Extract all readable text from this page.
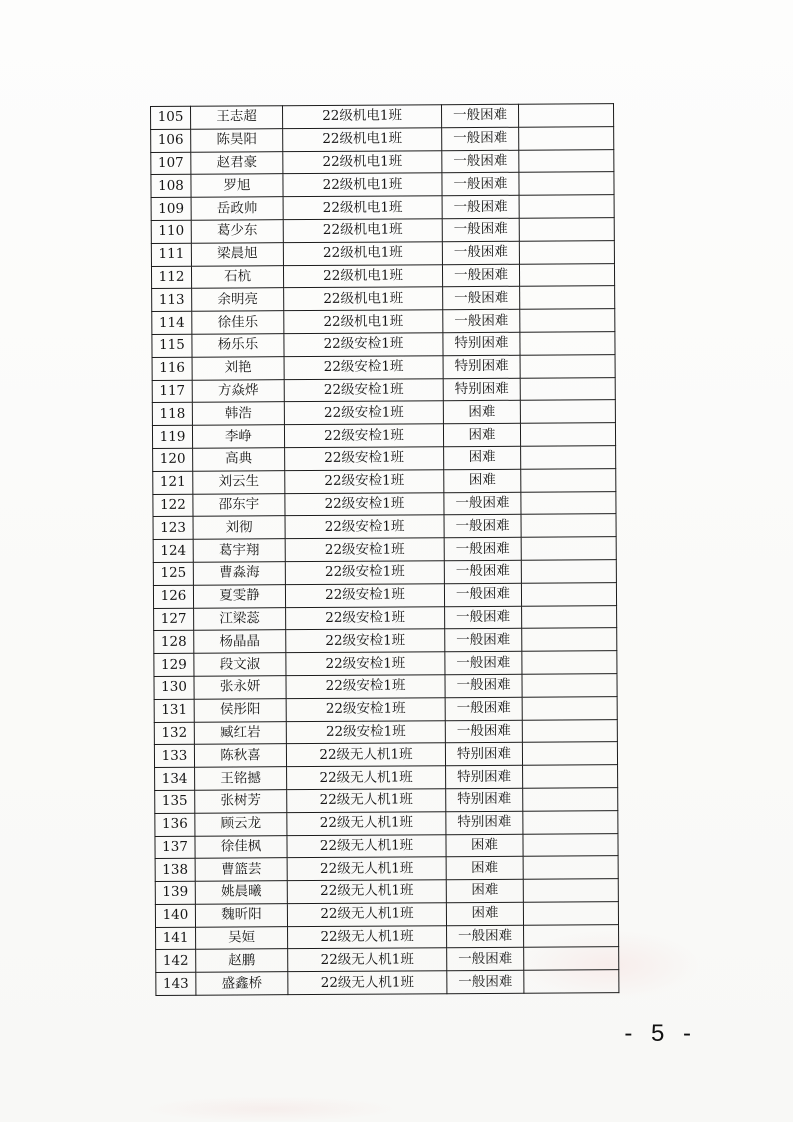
105	王志超	22级机电1班	一般困难	
106	陈昊阳	22级机电1班	一般困难	
107	赵君豪	22级机电1班	一般困难	
108	罗旭	22级机电1班	一般困难	
109	岳政帅	22级机电1班	一般困难	
110	葛少东	22级机电1班	一般困难	
111	梁晨旭	22级机电1班	一般困难	
112	石杭	22级机电1班	一般困难	
113	余明亮	22级机电1班	一般困难	
114	徐佳乐	22级机电1班	一般困难	
115	杨乐乐	22级安检1班	特别困难	
116	刘艳	22级安检1班	特别困难	
117	方焱烨	22级安检1班	特别困难	
118	韩浩	22级安检1班	困难	
119	李峥	22级安检1班	困难	
120	高典	22级安检1班	困难	
121	刘云生	22级安检1班	困难	
122	邵东宇	22级安检1班	一般困难	
123	刘彻	22级安检1班	一般困难	
124	葛宇翔	22级安检1班	一般困难	
125	曹淼海	22级安检1班	一般困难	
126	夏雯静	22级安检1班	一般困难	
127	江梁蕊	22级安检1班	一般困难	
128	杨晶晶	22级安检1班	一般困难	
129	段文淑	22级安检1班	一般困难	
130	张永妍	22级安检1班	一般困难	
131	侯彤阳	22级安检1班	一般困难	
132	臧红岩	22级安检1班	一般困难	
133	陈秋喜	22级无人机1班	特别困难	
134	王铭撼	22级无人机1班	特别困难	
135	张树芳	22级无人机1班	特别困难	
136	顾云龙	22级无人机1班	特别困难	
137	徐佳枫	22级无人机1班	困难	
138	曹篮芸	22级无人机1班	困难	
139	姚晨曦	22级无人机1班	困难	
140	魏昕阳	22级无人机1班	困难	
141	吴姮	22级无人机1班	一般困难	
142	赵鹏	22级无人机1班	一般困难	
143	盛鑫桥	22级无人机1班	一般困难	
- 5 -
